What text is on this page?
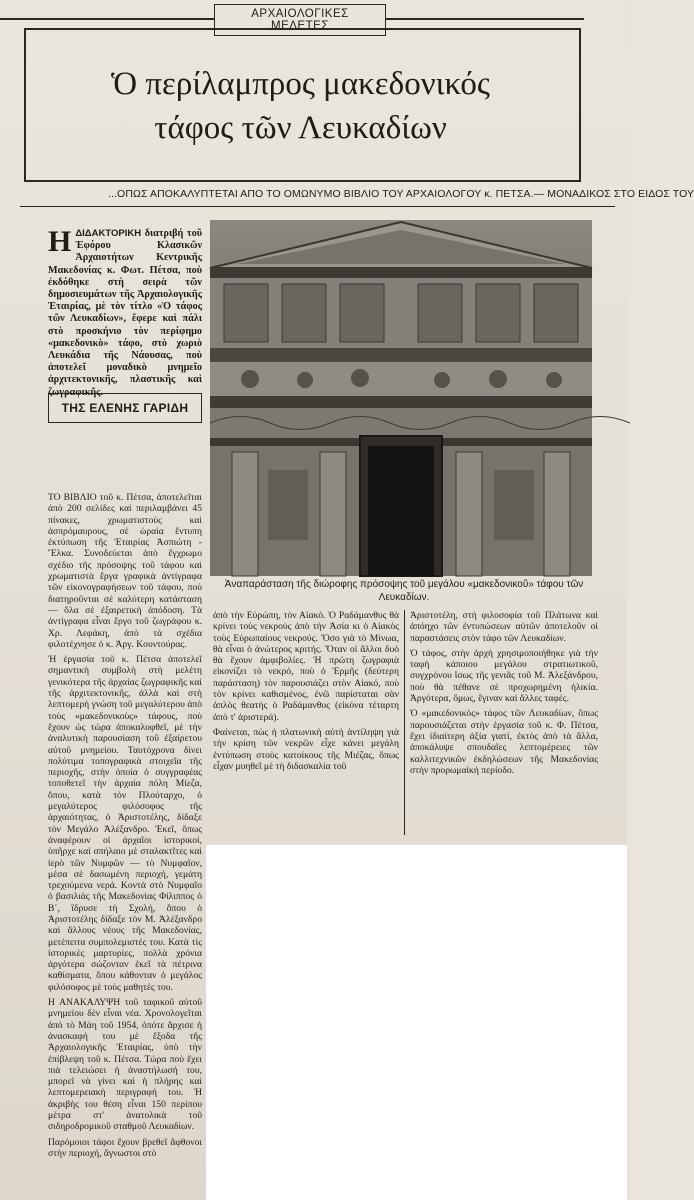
ΑΡΧΑΙΟΛΟΓΙΚΕΣ
ΜΕΛΕΤΕΣ
Ὁ περίλαμπρος μακεδονικός
τάφος τῶν Λευκαδίων
...ΟΠΩΣ ΑΠΟΚΑΛΥΠΤΕΤΑΙ ΑΠΟ ΤΟ ΟΜΩΝΥΜΟ ΒΙΒΛΙΟ ΤΟΥ ΑΡΧΑΙΟΛΟΓΟΥ κ. ΠΕΤΣΑ.— ΜΟΝΑΔΙΚΟΣ ΣΤΟ ΕΙΔΟΣ ΤΟΥ
Η ΔΙΔΑΚΤΟΡΙΚΗ διατριβή τοῦ Ἐφόρου Κλασικῶν Ἀρχαιοτήτων Κεντρικῆς Μακεδονίας κ. Φωτ. Πέτσα, ποὺ ἐκδόθηκε στὴ σειρὰ τῶν δημοσιευμάτων τῆς Ἀρχαιολογικῆς Ἑταιρίας, μὲ τὸν τίτλο «Ὁ τάφος τῶν Λευκαδίων», ἔφερε καὶ πάλι στὸ προσκήνιο τὸν περίφημο «μακεδονικὸ» τάφο, στὸ χωριὸ Λευκάδια τῆς Νάουσας, ποὺ ἀποτελεῖ μοναδικὸ μνημεῖο ἀρχιτεκτονικῆς, πλαστικῆς καὶ ζωγραφικῆς.
ΤΗΣ ΕΛΕΝΗΣ ΓΑΡΙΔΗ

ΤΟ ΒΙΒΛΙΟ τοῦ κ. Πέτσα, ἀποτελεῖται ἀπὸ 200 σελίδες καὶ περιλαμβάνει 45 πίνακες, χρωματιστοὺς καὶ ἀσπρόμαυρους, σὲ ὡραία ἔντυπη ἐκτύπωση τῆς Ἑταιρίας Ἀσπιώτη - Ἔλκα. Συνοδεύεται ἀπὸ ἔγχρωμο σχέδιο τῆς πρόσοψης τοῦ τάφου καὶ χρωματιστὰ ἔργα γραφικὰ ἀντίγραφα τῶν εἰκονογραφήσεων τοῦ τάφου, ποὺ διατηροῦνται σὲ καλύτερη κατάσταση — ὅλα σὲ ἐξαιρετικὴ ἀπόδοση. Τὰ ἀντίγραφα εἶναι ἔργο τοῦ ζωγράφου κ. Χρ. Λεφάκη, ἀπὸ τὰ σχέδια φιλοτέχνησε ὁ κ. Ἀργ. Κουντούρας.

Ἡ ἐργασία τοῦ κ. Πέτσα ἀποτελεῖ σημαντικὴ συμβολὴ στὴ μελέτη γενικότερα τῆς ἀρχαίας ζωγραφικῆς καὶ τῆς ἀρχιτεκτονικῆς, ἀλλὰ καὶ στὴ λεπτομερὴ γνώση τοῦ μεγαλύτερου ἀπὸ τοὺς «μακεδονικοὺς» τάφους, ποὺ ἔχουν ὡς τώρα ἀποκαλυφθεῖ, μὲ τὴν ἀναλυτικὴ παρουσίαση τοῦ ἐξαίρετου αὐτοῦ μνημείου. Ταυτόχρονα δίνει πολύτιμα τοπογραφικὰ στοιχεῖα τῆς περιοχῆς, στὴν ὁποία ὁ συγγραφέας τοποθετεῖ τὴν ἀρχαία πόλη Μίεζα, ὅπου, κατὰ τὸν Πλούταρχο, ὁ μεγαλύτερος φιλόσοφος τῆς ἀρχαιότητας, ὁ Ἀριστοτέλης, δίδαξε τὸν Μεγάλο Ἀλέξανδρο. Ἐκεῖ, ὅπως ἀναφέρουν οἱ ἀρχαῖοι ἱστορικοί, ὑπῆρχε καὶ σπήλαιο μὲ σταλακτῖτες καὶ ἱερὸ τῶν Νυμφῶν — τὸ Νυμφαῖον, μέσα σὲ δασωμένη περιοχή, γεμάτη τρεχούμενα νερά. Κοντὰ στὸ Νυμφαῖο ὁ βασιλιὰς τῆς Μακεδονίας Φίλιππος ὁ Β΄, ἵδρυσε τὴ Σχολή, ὅπου ὁ Ἀριστοτέλης δίδαξε τὸν Μ. Ἀλέξανδρο καὶ ἄλλους νέους τῆς Μακεδονίας, μετέπειτα συμπολεμιστές του. Κατὰ τὶς ἱστορικὲς μαρτυρίες, πολλὰ χρόνια ἀργότερα σώζονταν ἐκεῖ τὰ πέτρινα καθίσματα, ὅπου κάθονταν ὁ μεγάλος φιλόσοφος μὲ τοὺς μαθητές του.

Η ΑΝΑΚΑΛΥΨΗ τοῦ ταφικοῦ αὐτοῦ μνημείου δὲν εἶναι νέα. Χρονολογεῖται ἀπὸ τὸ Μάη τοῦ 1954, ὁπότε ἄρχισε ἡ ἀνασκαφή του μὲ ἔξοδα τῆς Ἀρχαιολογικῆς Ἑταιρίας, ὑπὸ τὴν ἐπίβλεψη τοῦ κ. Πέτσα. Τώρα ποὺ ἔχει πιὰ τελειώσει ἡ ἀναστήλωσή του, μπορεῖ νὰ γίνει καὶ ἡ πλήρης καὶ λεπτομερειακὴ περιγραφή του. Ἡ ἀκριβὴς του θέση εἶναι 150 περίπου μέτρα στ' ἀνατολικὰ τοῦ σιδηροδρομικοῦ σταθμοῦ Λευκαδίων.

Παρόμοιοι τάφοι ἔχουν βρεθεῖ ἄφθονοι στὴν περιοχή, ἄγνωστοι στὸ

Ἀναπαράσταση τῆς διώροφης πρόσοψης τοῦ μεγάλου «μακεδονικοῦ» τάφου τῶν Λευκαδίων.

ἀπὸ τὴν Εὐρώπη, τὸν Αἰακό. Ὁ Ραδάμανθυς θὰ κρίνει τοὺς νεκροὺς ἀπὸ τὴν Ἀσία κι ὁ Αἰακὸς τοὺς Εὐρωπαίους νεκρούς. Ὅσο γιὰ τὸ Μίνωα, θὰ εἶναι ὁ ἀνώτερος κριτής. Ὅταν οἱ ἄλλοι δυὸ θὰ ἔχουν ἀμφιβολίες. Ἡ πρώτη ζωγραφιὰ εἰκονίζει τὸ νεκρό, ποὺ ὁ Ἑρμῆς (δεύτερη παράσταση) τὸν παρουσιάζει στὸν Αἰακό, ποὺ τὸν κρίνει καθισμένος, ἐνῶ παρίσταται σὰν ἁπλὸς θεατὴς ὁ Ραδάμανθυς (εἰκόνα τέταρτη ἀπὸ τ' ἀριστερά).

Φαίνεται, πὼς ἡ πλατωνικὴ αὐτὴ ἀντίληψη γιὰ τὴν κρίση τῶν νεκρῶν εἶχε κάνει μεγάλη ἐντύπωση στοὺς κατοίκους τῆς Μιέζας, ὅπως εἶχαν μυηθεῖ μὲ τὴ διδασκαλία τοῦ

Ἀριστοτέλη, στὴ φιλοσοφία τοῦ Πλάτωνα καὶ ἀπόηχο τῶν ἐντυπώσεων αὐτῶν ἀποτελοῦν οἱ παραστάσεις στὸν τάφο τῶν Λευκαδίων.

Ὁ τάφος, στὴν ἀρχὴ χρησιμοποιήθηκε γιὰ τὴν ταφὴ κάποιου μεγάλου στρατιωτικοῦ, συγχρόνου ἴσως τῆς γενιᾶς τοῦ Μ. Ἀλεξάνδρου, ποὺ θὰ πέθανε σὲ προχωρημένη ἡλικία. Ἀργότερα, ὅμως, ἔγιναν καὶ ἄλλες ταφές.

Ὁ «μακεδονικὸς» τάφος τῶν Λευκαδίων, ὅπως παρουσιάζεται στὴν ἐργασία τοῦ κ. Φ. Πέτσα, ἔχει ἰδιαίτερη ἀξία γιατί, ἐκτὸς ἀπὸ τὰ ἄλλα, ἀποκάλυψε σπουδαῖες λεπτομέρειες τῶν καλλιτεχνικῶν ἐκδηλώσεων τῆς Μακεδονίας στὴν προρωμαϊκὴ περίοδο.
